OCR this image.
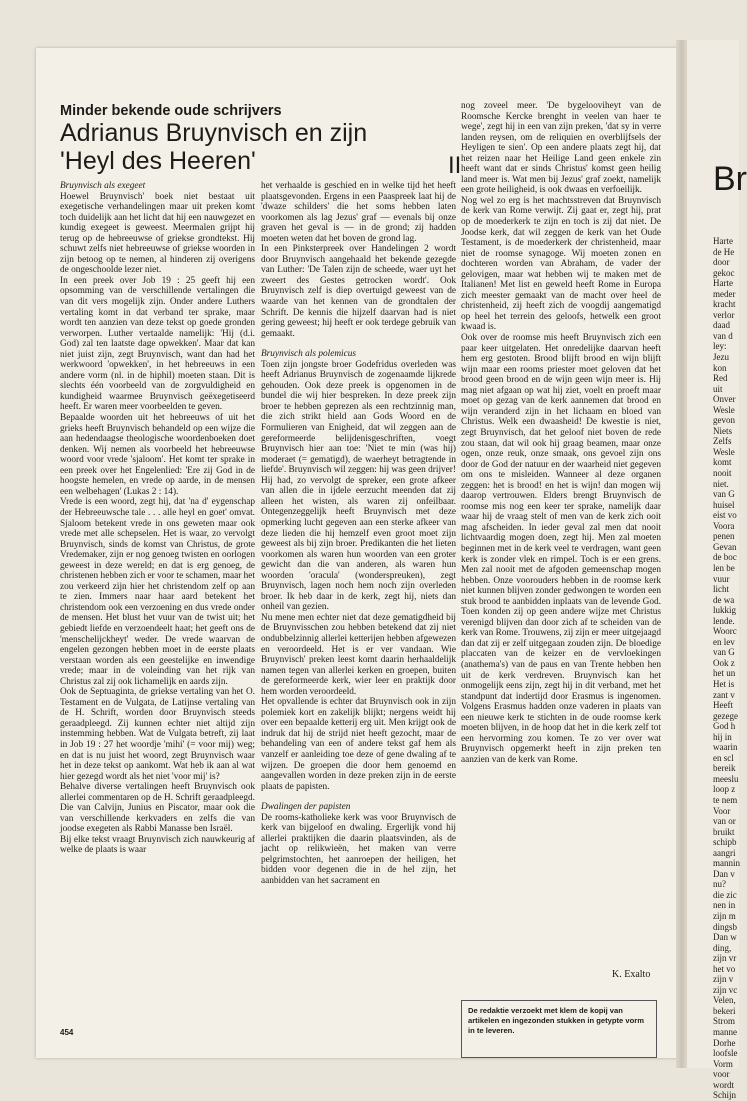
Br
Harte
de He
door
gekoc
Harte
meder
kracht
verlor
daad
van d
ley:
Jezu
kon
Red
uit
Onver
Wesle
gevon
Niets
Zelfs
Wesle
komt
nooit
niet.
van G
huisel
eist vo
Voora
penen
Gevan
de boc
len be
vuur
licht
de wa
lukkig
lende.
Woorc
en lev
van G
Ook z
het un
Het is
zant v
Heeft
gezege
God h
hij in
waarin
en scl
bereik
meeslu
loop z
te nem
Voor
van or
bruikt
schipb
aangri
mannin
Dan v
nu?
die zic
nen in
zijn m
dingsb
Dan w
ding,
zijn vr
het vo
zijn v
zijn vc
Velen,
bekeri
Strom
manne
Dorhe
loofsle
Vorm
voor
wordt
Schijn
Minder bekende oude schrijvers
Adrianus Bruynvisch en zijn
'Heyl des Heeren'	II

Bruynvisch als exegeet

Hoewel Bruynvisch' boek niet bestaat uit exegetische verhandelingen maar uit preken komt toch duidelijk aan het licht dat hij een nauwgezet en kundig exegeet is geweest. Meermalen grijpt hij terug op de hebreeuwse of griekse grondtekst. Hij schuwt zelfs niet hebreeuwse of griekse woorden in zijn betoog op te nemen, al hinderen zij overigens de ongeschoolde lezer niet.

In een preek over Job 19 : 25 geeft hij een opsomming van de verschillende vertalingen die van dit vers mogelijk zijn. Onder andere Luthers vertaling komt in dat verband ter sprake, maar wordt ten aanzien van deze tekst op goede gronden verworpen. Luther vertaalde namelijk: 'Hij (d.i. God) zal ten laatste dage opwekken'. Maar dat kan niet juist zijn, zegt Bruynvisch, want dan had het werkwoord 'opwekken', in het hebreeuws in een andere vorm (nl. in de hiphil) moeten staan. Dit is slechts één voorbeeld van de zorgvuldigheid en kundigheid waarmee Bruynvisch geëxegetiseerd heeft. Er waren meer voorbeelden te geven.

Bepaalde woorden uit het hebreeuws of uit het grieks heeft Bruynvisch behandeld op een wijze die aan hedendaagse theologische woordenboeken doet denken. Wij nemen als voorbeeld het hebreeuwse woord voor vrede 'sjaloom'. Het komt ter sprake in een preek over het Engelenlied: 'Ere zij God in de hoogste hemelen, en vrede op aarde, in de mensen een welbehagen' (Lukas 2 : 14).

Vrede is een woord, zegt hij, dat 'na d' eygenschap der Hebreeuwsche tale . . . alle heyl en goet' omvat. Sjaloom betekent vrede in ons geweten maar ook vrede met alle schepselen. Het is waar, zo vervolgt Bruynvisch, sinds de komst van Christus, de grote Vredemaker, zijn er nog genoeg twisten en oorlogen geweest in deze wereld; en dat is erg genoeg, de christenen hebben zich er voor te schamen, maar het zou verkeerd zijn hier het christendom zelf op aan te zien. Immers naar haar aard betekent het christendom ook een verzoening en dus vrede onder de mensen. Het blust het vuur van de twist uit; het gebiedt liefde en verzoendeelt haat; het geeft ons de 'menschelijckheyt' weder. De vrede waarvan de engelen gezongen hebben moet in de eerste plaats verstaan worden als een geestelijke en inwendige vrede; maar in de voleinding van het rijk van Christus zal zij ook lichamelijk en aards zijn.

Ook de Septuaginta, de griekse vertaling van het O. Testament en de Vulgata, de Latijnse vertaling van de H. Schrift, worden door Bruynvisch steeds geraadpleegd. Zij kunnen echter niet altijd zijn instemming hebben. Wat de Vulgata betreft, zij laat in Job 19 : 27 het woordje 'mihi' (= voor mij) weg; en dat is nu juist het woord, zegt Bruynvisch waar het in deze tekst op aankomt. Wat heb ik aan al wat hier gezegd wordt als het niet 'voor mij' is?

Behalve diverse vertalingen heeft Bruynvisch ook allerlei commentaren op de H. Schrift geraadpleegd. Die van Calvijn, Junius en Piscator, maar ook die van verschillende kerkvaders en zelfs die van joodse exegeten als Rabbi Manasse ben Israël.

Bij elke tekst vraagt Bruynvisch zich nauwkeurig af welke de plaats is waar

het verhaalde is geschied en in welke tijd het heeft plaatsgevonden. Ergens in een Paaspreek laat hij de 'dwaze schilders' die het soms hebben laten voorkomen als lag Jezus' graf — evenals bij onze graven het geval is — in de grond; zij hadden moeten weten dat het boven de grond lag.

In een Pinksterpreek over Handelingen 2 wordt door Bruynvisch aangehaald het bekende gezegde van Luther: 'De Talen zijn de scheede, waer uyt het zweert des Gestes getrocken wordt'. Ook Bruynvisch zelf is diep overtuigd geweest van de waarde van het kennen van de grondtalen der Schrift. De kennis die hijzelf daarvan had is niet gering geweest; hij heeft er ook terdege gebruik van gemaakt.

Bruynvisch als polemicus

Toen zijn jongste broer Godefridus overleden was heeft Adrianus Bruynvisch de zogenaamde lijkrede gehouden. Ook deze preek is opgenomen in de bundel die wij hier bespreken. In deze preek zijn broer te hebben geprezen als een rechtzinnig man, die zich strikt hield aan Gods Woord en de Formulieren van Enigheid, dat wil zeggen aan de gereformeerde belijdenisgeschriften, voegt Bruynvisch hier aan toe: 'Niet te min (was hij) moderaet (= gematigd), de waerheyt betragtende in liefde'. Bruynvisch wil zeggen: hij was geen drijver! Hij had, zo vervolgt de spreker, een grote afkeer van allen die in ijdele eerzucht meenden dat zij alleen het wisten, als waren zij onfeilbaar. Ontegenzeggelijk heeft Bruynvisch met deze opmerking lucht gegeven aan een sterke afkeer van deze lieden die hij hemzelf even groot moet zijn geweest als bij zijn broer. Predikanten die het lieten voorkomen als waren hun woorden van een groter gewicht dan die van anderen, als waren hun woorden 'oracula' (wonderspreuken), zegt Bruynvisch, lagen noch hem noch zijn overleden broer. Ik heb daar in de kerk, zegt hij, niets dan onheil van gezien.

Nu mene men echter niet dat deze gematigdheid bij de Bruynvisschen zou hebben betekend dat zij niet ondubbelzinnig allerlei ketterijen hebben afgewezen en veroordeeld. Het is er ver vandaan. Wie Bruynvisch' preken leest komt daarin herhaaldelijk namen tegen van allerlei kerken en groepen, buiten de gereformeerde kerk, wier leer en praktijk door hem worden veroordeeld.

Het opvallende is echter dat Bruynvisch ook in zijn polemiek kort en zakelijk blijkt; nergens weidt hij over een bepaalde ketterij erg uit. Men krijgt ook de indruk dat hij de strijd niet heeft gezocht, maar de behandeling van een of andere tekst gaf hem als vanzelf er aanleiding toe deze of gene dwaling af te wijzen. De groepen die door hem genoemd en aangevallen worden in deze preken zijn in de eerste plaats de papisten.

Dwalingen der papisten

De rooms-katholieke kerk was voor Bruynvisch de kerk van bijgeloof en dwaling. Ergerlijk vond hij allerlei praktijken die daarin plaatsvinden, als de jacht op relikwieën, het maken van verre pelgrimstochten, het aanroepen der heiligen, het bidden voor degenen die in de hel zijn, het aanbidden van het sacrament en

nog zoveel meer. 'De bygelooviheyt van de Roomsche Kercke brenght in veelen van haer te wege', zegt hij in een van zijn preken, 'dat sy in verre landen reysen, om de reliquien en overblijfsels der Heyligen te sien'. Op een andere plaats zegt hij, dat het reizen naar het Heilige Land geen enkele zin heeft want dat er sinds Christus' komst geen heilig land meer is. Wat men bij Jezus' graf zoekt, namelijk een grote heiligheid, is ook dwaas en verfoeilijk.

Nog wel zo erg is het machtsstreven dat Bruynvisch de kerk van Rome verwijt. Zij gaat er, zegt hij, prat op de moederkerk te zijn en toch is zij dat niet. De Joodse kerk, dat wil zeggen de kerk van het Oude Testament, is de moederkerk der christenheid, maar niet de roomse synagoge. Wij moeten zonen en dochteren worden van Abraham, de vader der gelovigen, maar wat hebben wij te maken met de Italianen! Met list en geweld heeft Rome in Europa zich meester gemaakt van de macht over heel de christenheid, zij heeft zich de voogdij aangematigd op heel het terrein des geloofs, hetwelk een groot kwaad is.

Ook over de roomse mis heeft Bruynvisch zich een paar keer uitgelaten. Het onredelijke daarvan heeft hem erg gestoten. Brood blijft brood en wijn blijft wijn maar een rooms priester moet geloven dat het brood geen brood en de wijn geen wijn meer is. Hij mag niet afgaan op wat hij ziet, voelt en proeft maar moet op gezag van de kerk aannemen dat brood en wijn veranderd zijn in het lichaam en bloed van Christus. Welk een dwaasheid! De kwestie is niet, zegt Bruynvisch, dat het geloof niet boven de rede zou staan, dat wil ook hij graag beamen, maar onze ogen, onze reuk, onze smaak, ons gevoel zijn ons door de God der natuur en der waarheid niet gegeven om ons te misleiden. Wanneer al deze organen zeggen: het is brood! en het is wijn! dan mogen wij daarop vertrouwen. Elders brengt Bruynvisch de roomse mis nog een keer ter sprake, namelijk daar waar hij de vraag stelt of men van de kerk zich ooit mag afscheiden. In ieder geval zal men dat nooit lichtvaardig mogen doen, zegt hij. Men zal moeten beginnen met in de kerk veel te verdragen, want geen kerk is zonder vlek en rimpel. Toch is er een grens. Men zal nooit met de afgoden gemeenschap mogen hebben. Onze voorouders hebben in de roomse kerk niet kunnen blijven zonder gedwongen te worden een stuk brood te aanbidden inplaats van de levende God. Toen konden zij op geen andere wijze met Christus verenigd blijven dan door zich af te scheiden van de kerk van Rome. Trouwens, zij zijn er meer uitgejaagd dan dat zij er zelf uitgegaan zouden zijn. De bloedige placcaten van de keizer en de vervloekingen (anathema's) van de paus en van Trente hebben hen uit de kerk verdreven. Bruynvisch kan het onmogelijk eens zijn, zegt hij in dit verband, met het standpunt dat indertijd door Erasmus is ingenomen. Volgens Erasmus hadden onze vaderen in plaats van een nieuwe kerk te stichten in de oude roomse kerk moeten blijven, in de hoop dat het in die kerk zelf tot een hervorming zou komen. Te zo ver over wat Bruynvisch opgemerkt heeft in zijn preken ten aanzien van de kerk van Rome.

K. Exalto
De redaktie verzoekt met klem de kopij van artikelen en ingezonden stukken in getypte vorm in te leveren.
454
